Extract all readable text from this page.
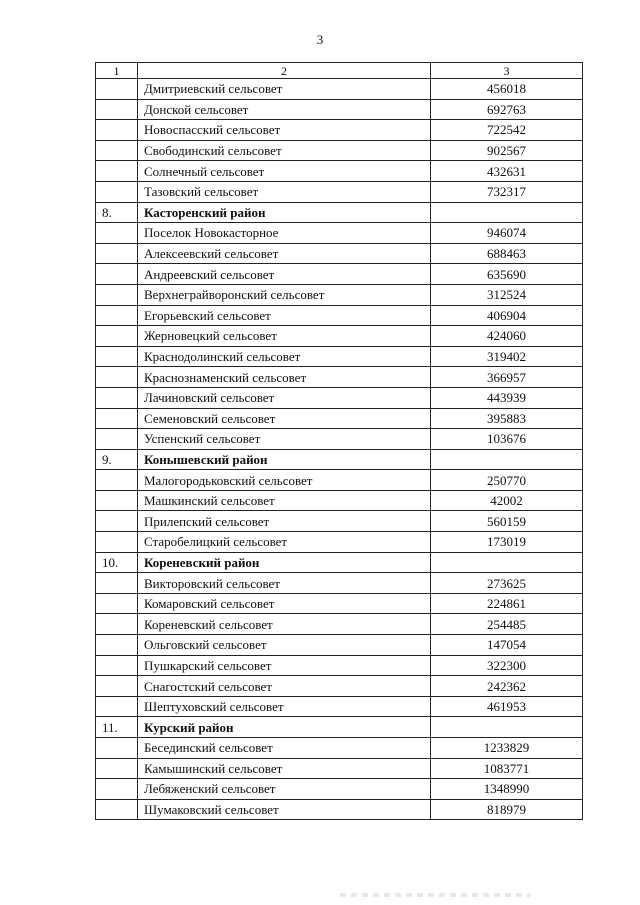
3
1	2	3
	Дмитриевский сельсовет	456018
	Донской сельсовет	692763
	Новоспасский сельсовет	722542
	Свободинский сельсовет	902567
	Солнечный сельсовет	432631
	Тазовский сельсовет	732317
8.	Касторенский район	
	Поселок Новокасторное	946074
	Алексеевский сельсовет	688463
	Андреевский сельсовет	635690
	Верхнеграйворонский сельсовет	312524
	Егорьевский сельсовет	406904
	Жерновецкий сельсовет	424060
	Краснодолинский сельсовет	319402
	Краснознаменский сельсовет	366957
	Лачиновский сельсовет	443939
	Семеновский сельсовет	395883
	Успенский сельсовет	103676
9.	Конышевский район	
	Малогородьковский сельсовет	250770
	Машкинский сельсовет	42002
	Прилепский сельсовет	560159
	Старобелицкий сельсовет	173019
10.	Кореневский район	
	Викторовский сельсовет	273625
	Комаровский сельсовет	224861
	Кореневский сельсовет	254485
	Ольговский сельсовет	147054
	Пушкарский сельсовет	322300
	Снагостский сельсовет	242362
	Шептуховский сельсовет	461953
11.	Курский район	
	Бесединский сельсовет	1233829
	Камышинский сельсовет	1083771
	Лебяженский сельсовет	1348990
	Шумаковский сельсовет	818979
